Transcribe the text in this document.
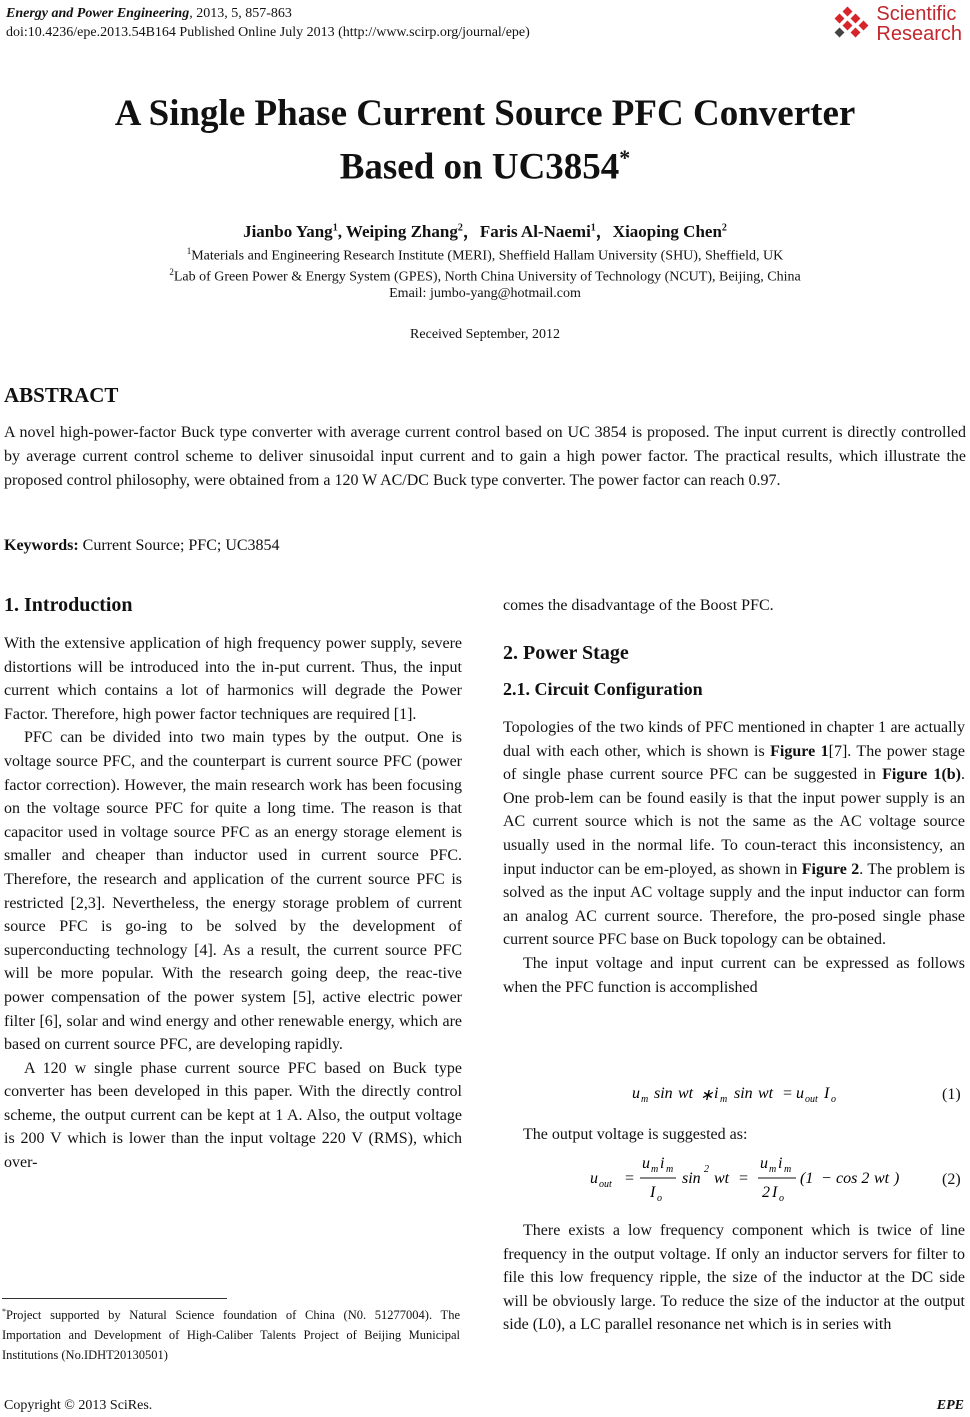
Energy and Power Engineering, 2013, 5, 857-863
doi:10.4236/epe.2013.54B164 Published Online July 2013 (http://www.scirp.org/journal/epe)
Scientific
Research
A Single Phase Current Source PFC Converter
Based on UC3854*
Jianbo Yang$^1$, Weiping Zhang$^2$，Faris Al-Naemi$^1$，Xiaoping Chen$^2$
$^1$Materials and Engineering Research Institute (MERI), Sheffield Hallam University (SHU), Sheffield, UK
$^2$Lab of Green Power & Energy System (GPES), North China University of Technology (NCUT), Beijing, China
Email: jumbo-yang@hotmail.com
Received September, 2012
ABSTRACT
A novel high-power-factor Buck type converter with average current control based on UC 3854 is proposed. The input current is directly controlled by average current control scheme to deliver sinusoidal input current and to gain a high power factor. The practical results, which illustrate the proposed control philosophy, were obtained from a 120 W AC/DC Buck type converter. The power factor can reach 0.97.
Keywords: Current Source; PFC; UC3854
1. Introduction

With the extensive application of high frequency power supply, severe distortions will be introduced into the in-put current. Thus, the input current which contains a lot of harmonics will degrade the Power Factor. Therefore, high power factor techniques are required [1].

PFC can be divided into two main types by the output. One is voltage source PFC, and the counterpart is current source PFC (power factor correction). However, the main research work has been focusing on the voltage source PFC for quite a long time. The reason is that capacitor used in voltage source PFC as an energy storage element is smaller and cheaper than inductor used in current source PFC. Therefore, the research and application of the current source PFC is restricted [2,3]. Nevertheless, the energy storage problem of current source PFC is go-ing to be solved by the development of superconducting technology [4]. As a result, the current source PFC will be more popular. With the research going deep, the reac-tive power compensation of the power system [5], active electric power filter [6], solar and wind energy and other renewable energy, which are based on current source PFC, are developing rapidly.

A 120 w single phase current source PFC based on Buck type converter has been developed in this paper. With the directly control scheme, the output current can be kept at 1 A. Also, the output voltage is 200 V which is lower than the input voltage 220 V (RMS), which over-

comes the disadvantage of the Boost PFC.

2. Power Stage
2.1. Circuit Configuration

Topologies of the two kinds of PFC mentioned in chapter 1 are actually dual with each other, which is shown is Figure 1[7]. The power stage of single phase current source PFC can be suggested in Figure 1(b). One prob-lem can be found easily is that the input power supply is an AC current source which is not the same as the AC voltage source usually used in the normal life. To coun-teract this inconsistency, an input inductor can be em-ployed, as shown in Figure 2. The problem is solved as the input AC voltage supply and the input inductor can form an analog AC current source. Therefore, the pro-posed single phase current source PFC base on Buck topology can be obtained.

The input voltage and input current can be expressed as follows when the PFC function is accomplished

u m sin wt ∗ i m sin wt = u out I o	(1)

The output voltage is suggested as:

u out =
u m i m
I o
sin
2
wt =
u m i m
2 I o
(1 − cos 2 wt )	(2)

There exists a low frequency component which is twice of line frequency in the output voltage. If only an inductor servers for filter to file this low frequency ripple, the size of the inductor at the DC side will be obviously large. To reduce the size of the inductor at the output side (L0), a LC parallel resonance net which is in series with

*Project supported by Natural Science foundation of China (N0. 51277004). The Importation and Development of High-Caliber Talents Project of Beijing Municipal Institutions (No.IDHT20130501)
Copyright © 2013 SciRes.	EPE
